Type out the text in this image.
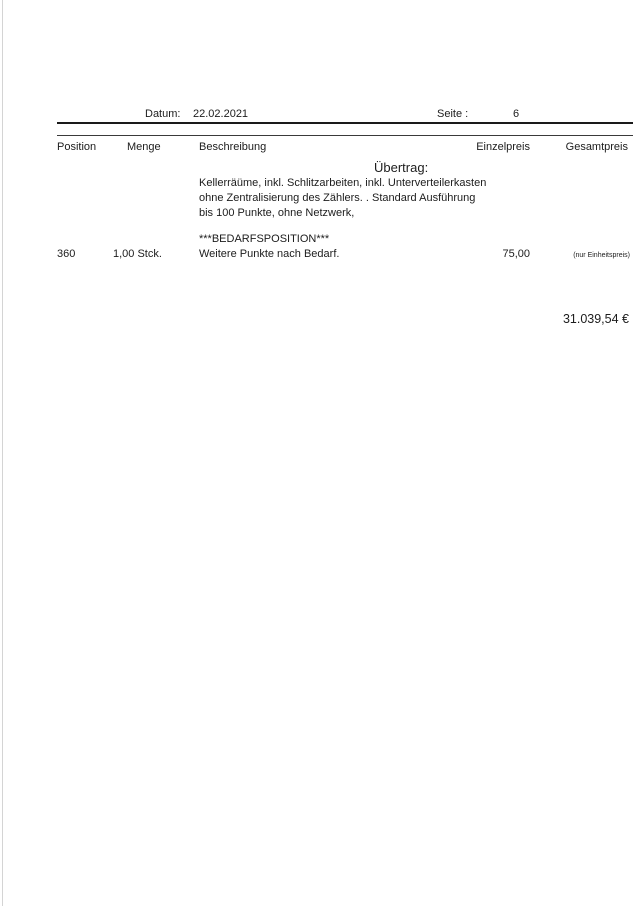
Datum: 22.02.2021	Seite :	6
Position	Menge	Beschreibung	Einzelpreis	Gesamtpreis
Übertrag:
Kellerräüme, inkl. Schlitzarbeiten, inkl. Unterverteilerkasten
ohne Zentralisierung des Zählers. . Standard Ausführung
bis 100 Punkte, ohne Netzwerk,
***BEDARFSPOSITION***
360	1,00 Stck.	Weitere Punkte nach Bedarf.	75,00	(nur Einheitspreis)
31.039,54 €
